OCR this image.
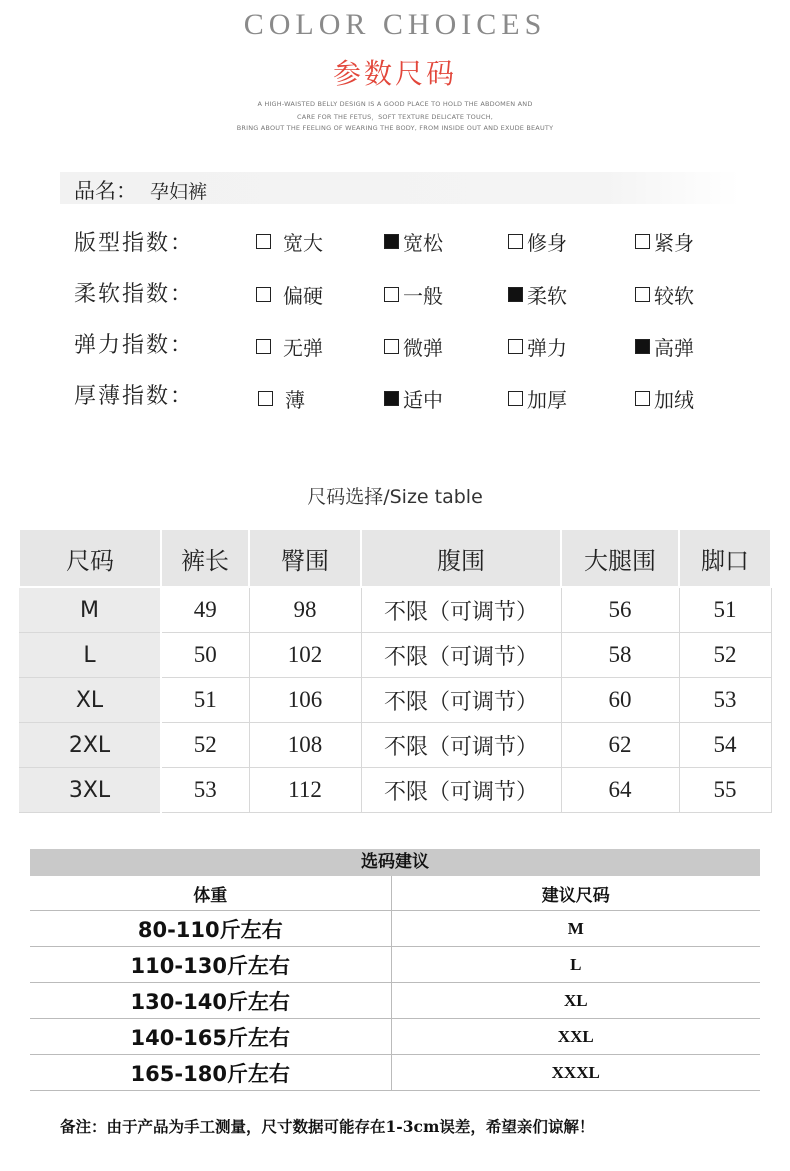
COLOR CHOICES
参数尺码
A HIGH-WAISTED BELLY DESIGN IS A GOOD PLACE TO HOLD THE ABDOMEN AND
CARE FOR THE FETUS，SOFT TEXTURE DELICATE TOUCH,
BRING ABOUT THE FEELING OF WEARING THE BODY, FROM INSIDE OUT AND EXUDE BEAUTY
品名： 孕妇裤
版型指数：	宽大	宽松	修身	紧身
柔软指数：	偏硬	一般	柔软	较软
弹力指数：	无弹	微弹	弹力	高弹
厚薄指数：	薄	适中	加厚	加绒
尺码选择/Size table
尺码	裤长	臀围	腹围	大腿围	脚口
M	49	98	不限（可调节）	56	51
L	50	102	不限（可调节）	58	52
XL	51	106	不限（可调节）	60	53
2XL	52	108	不限（可调节）	62	54
3XL	53	112	不限（可调节）	64	55
选码建议
体重	建议尺码
80-110斤左右	M
110-130斤左右	L
130-140斤左右	XL
140-165斤左右	XXL
165-180斤左右	XXXL
备注：由于产品为手工测量，尺寸数据可能存在1-3cm误差，希望亲们谅解！
